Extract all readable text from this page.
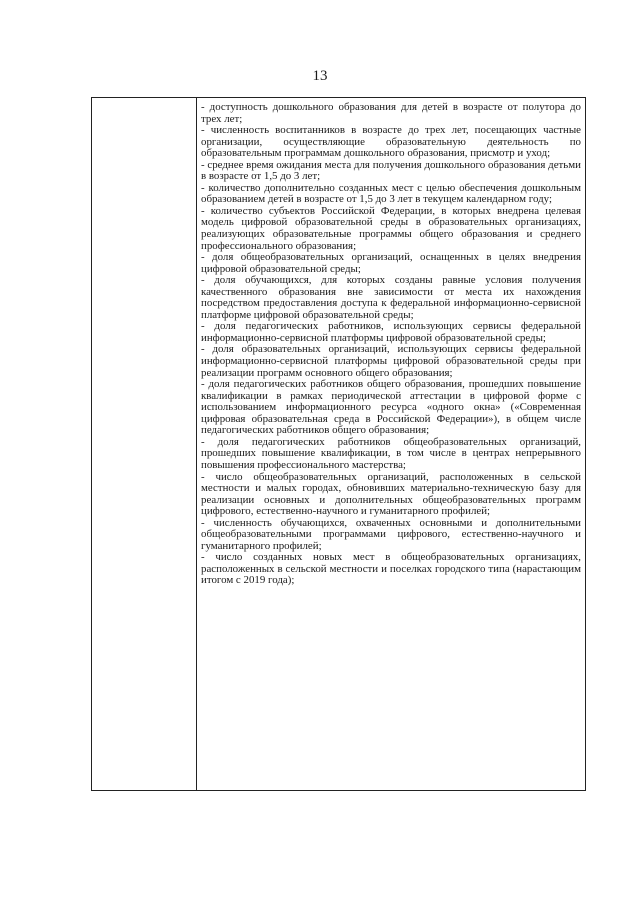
13

- доступность дошкольного образования для детей в возрасте от полутора до трех лет;

- численность воспитанников в возрасте до трех лет, посещающих частные организации, осуществляющие образовательную деятельность по образовательным программам дошкольного образования, присмотр и уход;

- среднее время ожидания места для получения дошкольного образования детьми в возрасте от 1,5 до 3 лет;

- количество дополнительно созданных мест с целью обеспечения дошкольным образованием детей в возрасте от 1,5 до 3 лет в текущем календарном году;

- количество субъектов Российской Федерации, в которых внедрена целевая модель цифровой образовательной среды в образовательных организациях, реализующих образовательные программы общего образования и среднего профессионального образования;

- доля общеобразовательных организаций, оснащенных в целях внедрения цифровой образовательной среды;

- доля обучающихся, для которых созданы равные условия получения качественного образования вне зависимости от места их нахождения посредством предоставления доступа к федеральной информационно-сервисной платформе цифровой образовательной среды;

- доля педагогических работников, использующих сервисы федеральной информационно-сервисной платформы цифровой образовательной среды;

- доля образовательных организаций, использующих сервисы федеральной информационно-сервисной платформы цифровой образовательной среды при реализации программ основного общего образования;

- доля педагогических работников общего образования, прошедших повышение квалификации в рамках периодической аттестации в цифровой форме с использованием информационного ресурса «одного окна» («Современная цифровая образовательная среда в Российской Федерации»), в общем числе педагогических работников общего образования;

- доля педагогических работников общеобразовательных организаций, прошедших повышение квалификации, в том числе в центрах непрерывного повышения профессионального мастерства;

- число общеобразовательных организаций, расположенных в сельской местности и малых городах, обновивших материально-техническую базу для реализации основных и дополнительных общеобразовательных программ цифрового, естественно-научного и гуманитарного профилей;

- численность обучающихся, охваченных основными и дополнительными общеобразовательными программами цифрового, естественно-научного и гуманитарного профилей;

- число созданных новых мест в общеобразовательных организациях, расположенных в сельской местности и поселках городского типа (нарастающим итогом с 2019 года);
